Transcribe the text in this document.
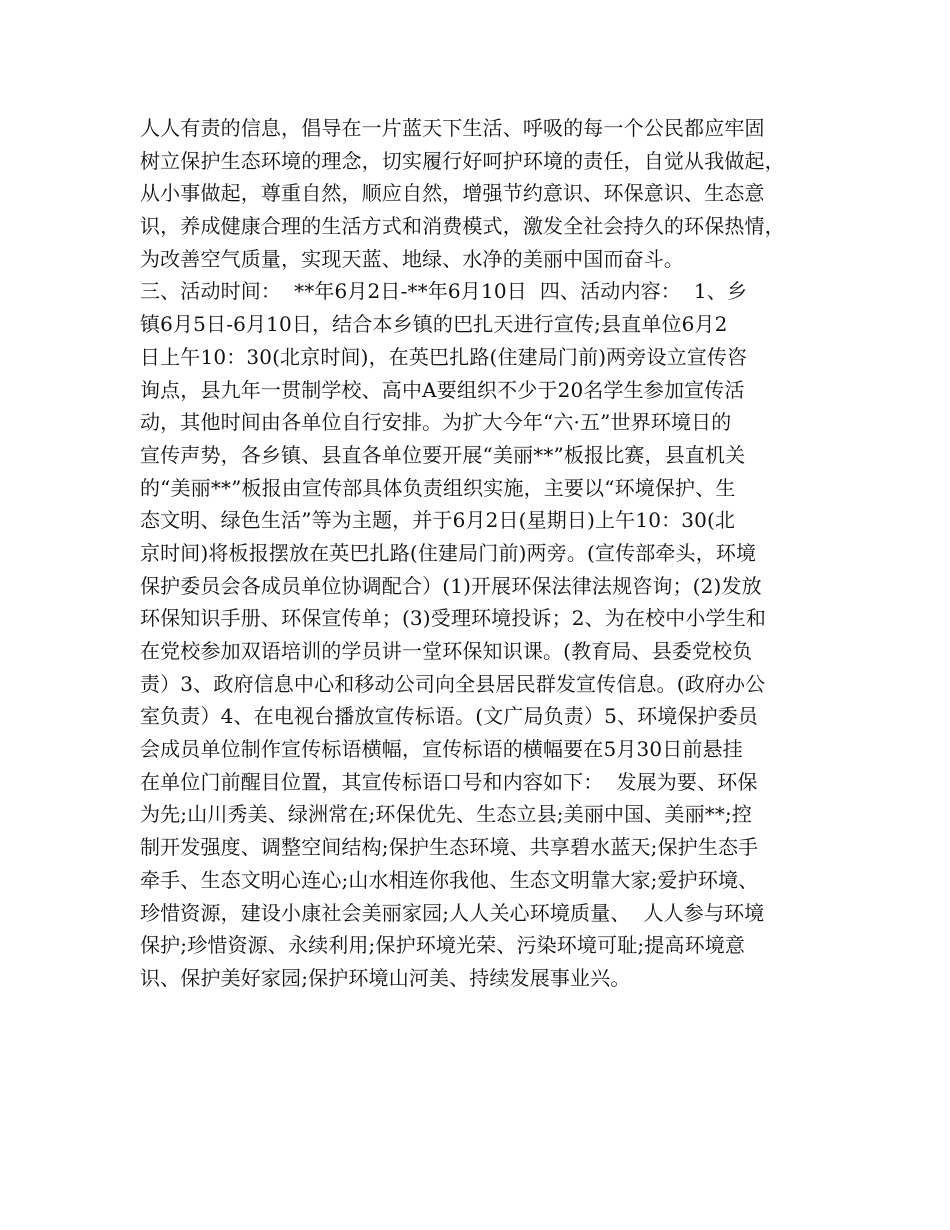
人人有责的信息，倡导在一片蓝天下生活、呼吸的每一个公民都应牢固
树立保护生态环境的理念，切实履行好呵护环境的责任，自觉从我做起，
从小事做起，尊重自然，顺应自然，增强节约意识、环保意识、生态意
识，养成健康合理的生活方式和消费模式，激发全社会持久的环保热情，
为改善空气质量，实现天蓝、地绿、水净的美丽中国而奋斗。
三、活动时间：  **年6月2日-**年6月10日  四、活动内容：  1、乡
镇6月5日-6月10日，结合本乡镇的巴扎天进行宣传;县直单位6月2
日上午10：30(北京时间)，在英巴扎路(住建局门前)两旁设立宣传咨
询点，县九年一贯制学校、高中A要组织不少于20名学生参加宣传活
动，其他时间由各单位自行安排。为扩大今年“六·五”世界环境日的
宣传声势，各乡镇、县直各单位要开展“美丽**”板报比赛，县直机关
的“美丽**”板报由宣传部具体负责组织实施，主要以“环境保护、生
态文明、绿色生活”等为主题，并于6月2日(星期日)上午10：30(北
京时间)将板报摆放在英巴扎路(住建局门前)两旁。(宣传部牵头，环境
保护委员会各成员单位协调配合）(1)开展环保法律法规咨询；(2)发放
环保知识手册、环保宣传单；(3)受理环境投诉；2、为在校中小学生和
在党校参加双语培训的学员讲一堂环保知识课。(教育局、县委党校负
责）3、政府信息中心和移动公司向全县居民群发宣传信息。(政府办公
室负责）4、在电视台播放宣传标语。(文广局负责）5、环境保护委员
会成员单位制作宣传标语横幅，宣传标语的横幅要在5月30日前悬挂
在单位门前醒目位置，其宣传标语口号和内容如下：  发展为要、环保
为先;山川秀美、绿洲常在;环保优先、生态立县;美丽中国、美丽**;控
制开发强度、调整空间结构;保护生态环境、共享碧水蓝天;保护生态手
牵手、生态文明心连心;山水相连你我他、生态文明靠大家;爱护环境、
珍惜资源，建设小康社会美丽家园;人人关心环境质量、  人人参与环境
保护;珍惜资源、永续利用;保护环境光荣、污染环境可耻;提高环境意
识、保护美好家园;保护环境山河美、持续发展事业兴。
